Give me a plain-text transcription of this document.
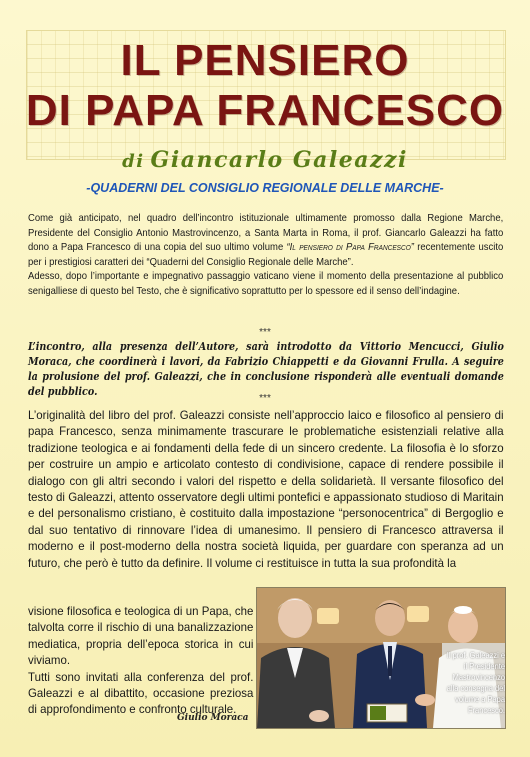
IL PENSIERO
DI PAPA FRANCESCO
di Giancarlo Galeazzi
-QUADERNI DEL CONSIGLIO REGIONALE DELLE MARCHE-

Come già anticipato, nel quadro dell’incontro istituzionale ultimamente promosso dalla Regione Marche, Presidente del Consiglio Antonio Mastrovincenzo, a Santa Marta in Roma, il prof. Giancarlo Galeazzi ha fatto dono a Papa Francesco di una copia del suo ultimo volume “Il pensiero di Papa Francesco” recentemente uscito per i prestigiosi caratteri dei “Quaderni del Consiglio Regionale delle Marche”.

Adesso, dopo l’importante e impegnativo passaggio vaticano viene il momento della presentazione al pubblico senigalliese di questo bel Testo, che è significativo soprattutto per lo spessore ed il senso dell’indagine.

***
L’incontro, alla presenza dell’Autore, sarà introdotto da Vittorio Mencucci, Giulio Moraca, che coordinerà i lavori, da Fabrizio Chiappetti e da Giovanni Frulla. A seguire la prolusione del prof. Galeazzi, che in conclusione risponderà alle eventuali domande del pubblico.
***
L’originalità del libro del prof. Galeazzi consiste nell’approccio laico e filosofico al pensiero di papa Francesco, senza minimamente trascurare le problematiche esistenziali relative alla tradizione teologica e ai fondamenti della fede di un sincero credente. La filosofia è lo sforzo per costruire un ampio e articolato contesto di condivisione, capace di rendere possibile il dialogo con gli altri secondo i valori del rispetto e della solidarietà. Il versante filosofico del testo di Galeazzi, attento osservatore degli ultimi pontefici e appassionato studioso di Maritain e del personalismo cristiano, è costituito dalla impostazione “personocentrica” di Bergoglio e dal suo tentativo di rinnovare l’idea di umanesimo. Il pensiero di Francesco attraversa il moderno e il post-moderno della nostra società liquida, per guardare con speranza ad un futuro, che però è tutto da definire. Il volume ci restituisce in tutta la sua profondità la
visione filosofica e teologica di un Papa, che talvolta corre il rischio di una banalizzazione mediatica, propria dell’epoca storica in cui viviamo.
Tutti sono invitati alla conferenza del prof. Galeazzi e al dibattito, occasione preziosa di approfondimento e confronto culturale.
Giulio Moraca
Il prof. Galeazzi e il Presidente Mastrovincenzo alla consegna del volume a Papa Francesco.
